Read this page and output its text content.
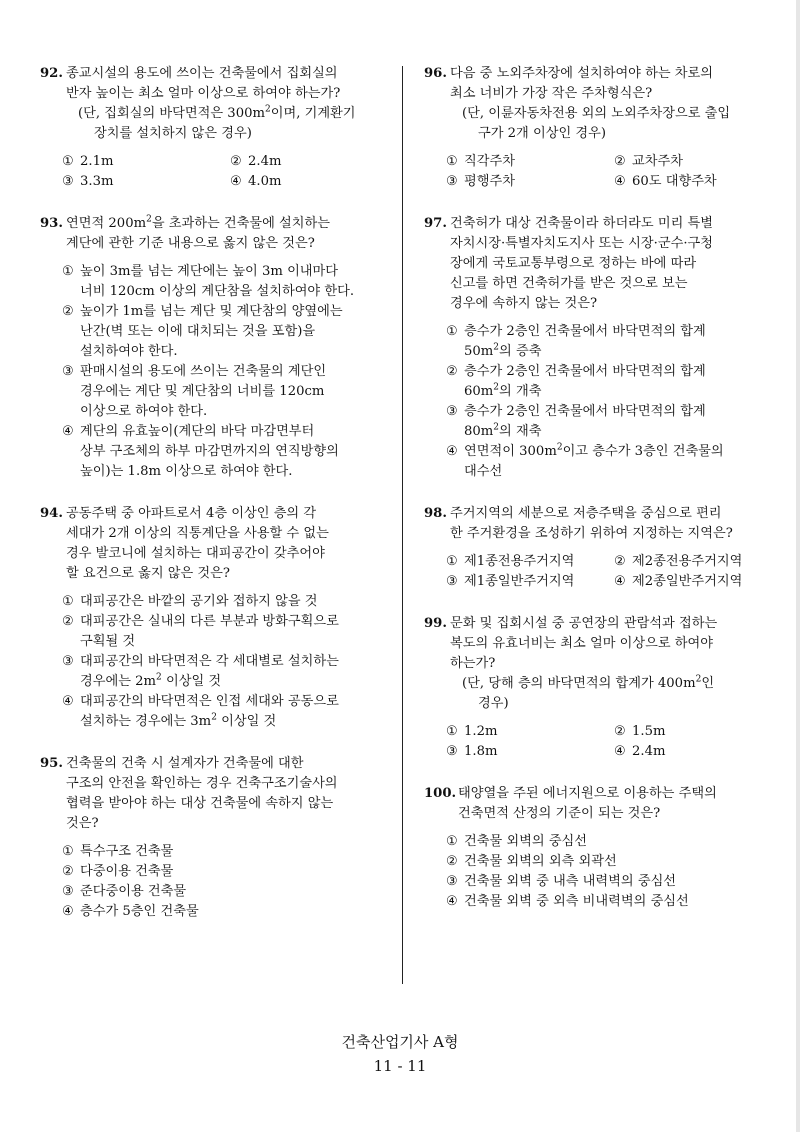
92. 종교시설의 용도에 쓰이는 건축물에서 집회실의
반자 높이는 최소 얼마 이상으로 하여야 하는가?
(단, 집회실의 바닥면적은 $300m^2$이며, 기계환기
장치를 설치하지 않은 경우)
① 2.1m	② 2.4m
③ 3.3m	④ 4.0m
93. 연면적 $200m^2$을 초과하는 건축물에 설치하는
계단에 관한 기준 내용으로 옳지 않은 것은?
① 높이 3m를 넘는 계단에는 높이 3m 이내마다
너비 120cm 이상의 계단참을 설치하여야 한다.
② 높이가 1m를 넘는 계단 및 계단참의 양옆에는
난간(벽 또는 이에 대치되는 것을 포함)을
설치하여야 한다.
③ 판매시설의 용도에 쓰이는 건축물의 계단인
경우에는 계단 및 계단참의 너비를 120cm
이상으로 하여야 한다.
④ 계단의 유효높이(계단의 바닥 마감면부터
상부 구조체의 하부 마감면까지의 연직방향의
높이)는 1.8m 이상으로 하여야 한다.
94. 공동주택 중 아파트로서 4층 이상인 층의 각
세대가 2개 이상의 직통계단을 사용할 수 없는
경우 발코니에 설치하는 대피공간이 갖추어야
할 요건으로 옳지 않은 것은?
① 대피공간은 바깥의 공기와 접하지 않을 것
② 대피공간은 실내의 다른 부분과 방화구획으로
구획될 것
③ 대피공간의 바닥면적은 각 세대별로 설치하는
경우에는 $2m^2$ 이상일 것
④ 대피공간의 바닥면적은 인접 세대와 공동으로
설치하는 경우에는 $3m^2$ 이상일 것
95. 건축물의 건축 시 설계자가 건축물에 대한
구조의 안전을 확인하는 경우 건축구조기술사의
협력을 받아야 하는 대상 건축물에 속하지 않는
것은?
① 특수구조 건축물
② 다중이용 건축물
③ 준다중이용 건축물
④ 층수가 5층인 건축물
96. 다음 중 노외주차장에 설치하여야 하는 차로의
최소 너비가 가장 작은 주차형식은?
(단, 이륜자동차전용 외의 노외주차장으로 출입
구가 2개 이상인 경우)
① 직각주차	② 교차주차
③ 평행주차	④ 60도 대향주차
97. 건축허가 대상 건축물이라 하더라도 미리 특별
자치시장·특별자치도지사 또는 시장·군수·구청
장에게 국토교통부령으로 정하는 바에 따라
신고를 하면 건축허가를 받은 것으로 보는
경우에 속하지 않는 것은?
① 층수가 2층인 건축물에서 바닥면적의 합계
$50m^2$의 증축
② 층수가 2층인 건축물에서 바닥면적의 합계
$60m^2$의 개축
③ 층수가 2층인 건축물에서 바닥면적의 합계
$80m^2$의 재축
④ 연면적이 $300m^2$이고 층수가 3층인 건축물의
대수선
98. 주거지역의 세분으로 저층주택을 중심으로 편리
한 주거환경을 조성하기 위하여 지정하는 지역은?
① 제1종전용주거지역	② 제2종전용주거지역
③ 제1종일반주거지역	④ 제2종일반주거지역
99. 문화 및 집회시설 중 공연장의 관람석과 접하는
복도의 유효너비는 최소 얼마 이상으로 하여야
하는가?
(단, 당해 층의 바닥면적의 합계가 $400m^2$인
경우)
① 1.2m	② 1.5m
③ 1.8m	④ 2.4m
100. 태양열을 주된 에너지원으로 이용하는 주택의
건축면적 산정의 기준이 되는 것은?
① 건축물 외벽의 중심선
② 건축물 외벽의 외측 외곽선
③ 건축물 외벽 중 내측 내력벽의 중심선
④ 건축물 외벽 중 외측 비내력벽의 중심선
건축산업기사 A형
11 - 11
